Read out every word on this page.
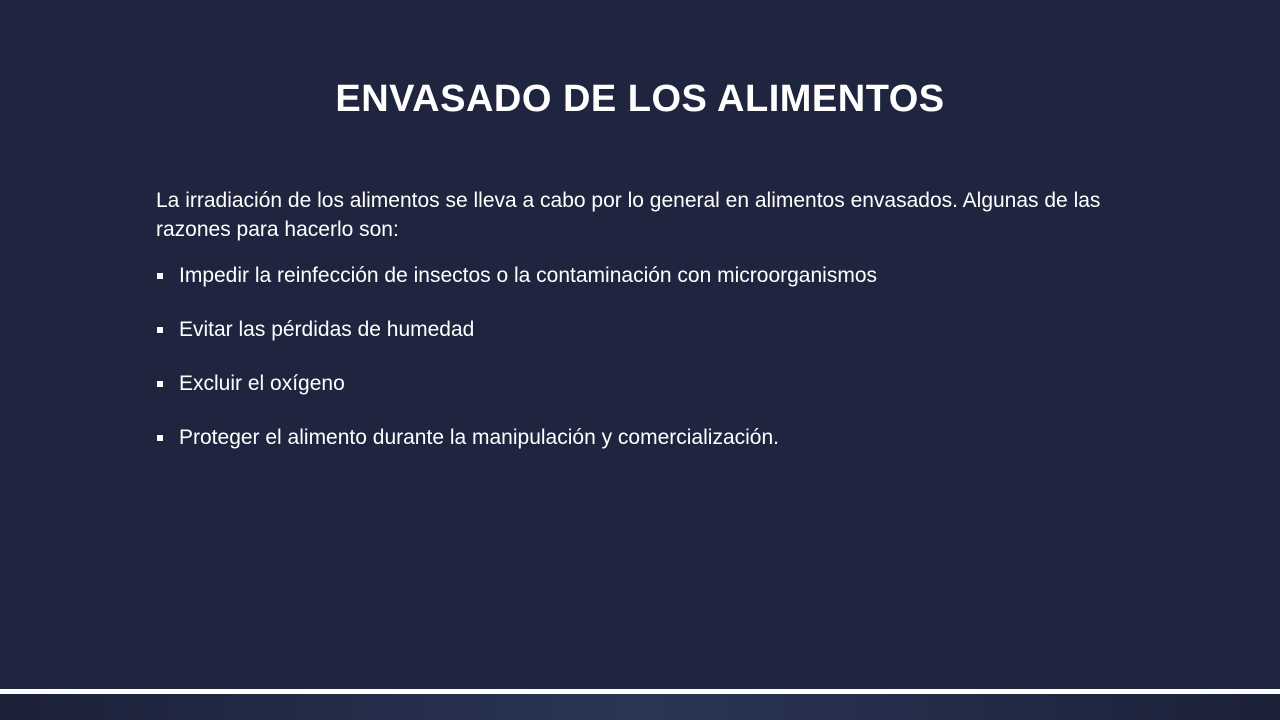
ENVASADO DE LOS ALIMENTOS

La irradiación de los alimentos se lleva a cabo por lo general en alimentos envasados. Algunas de las razones para hacerlo son:

Impedir la reinfección de insectos o la contaminación con microorganismos
Evitar las pérdidas de humedad
Excluir el oxígeno
Proteger el alimento durante la manipulación y comercialización.
